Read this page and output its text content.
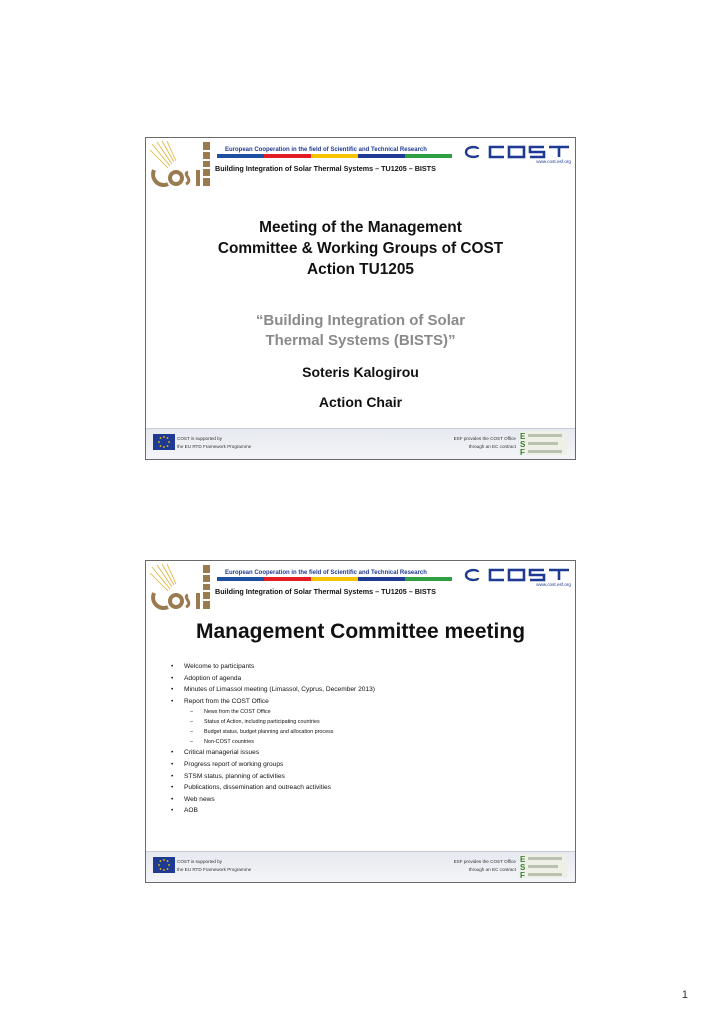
European Cooperation in the field of Scientific and Technical Research
Building Integration of Solar Thermal Systems – TU1205 – BISTS
www.cost.esf.org
Meeting of the Management
Committee & Working Groups of COST
Action TU1205
“Building Integration of Solar
Thermal Systems (BISTS)”
Soteris Kalogirou
Action Chair
COST is supported by
the EU RTD Framework Programme
ESF provides the COST Office
through an EC contract
E
S
F
European Cooperation in the field of Scientific and Technical Research
Building Integration of Solar Thermal Systems – TU1205 – BISTS
www.cost.esf.org
Management Committee meeting
• Welcome to participants
• Adoption of agenda
• Minutes of Limassol meeting (Limassol, Cyprus, December 2013)
• Report from the COST Office
– News from the COST Office
– Status of Action, including participating countries
– Budget status, budget planning and allocation process
– Non-COST countries
• Critical managerial issues
• Progress report of working groups
• STSM status, planning of activities
• Publications, dissemination and outreach activities
• Web news
• AOB
COST is supported by
the EU RTD Framework Programme
ESF provides the COST Office
through an EC contract
E
S
F
1
